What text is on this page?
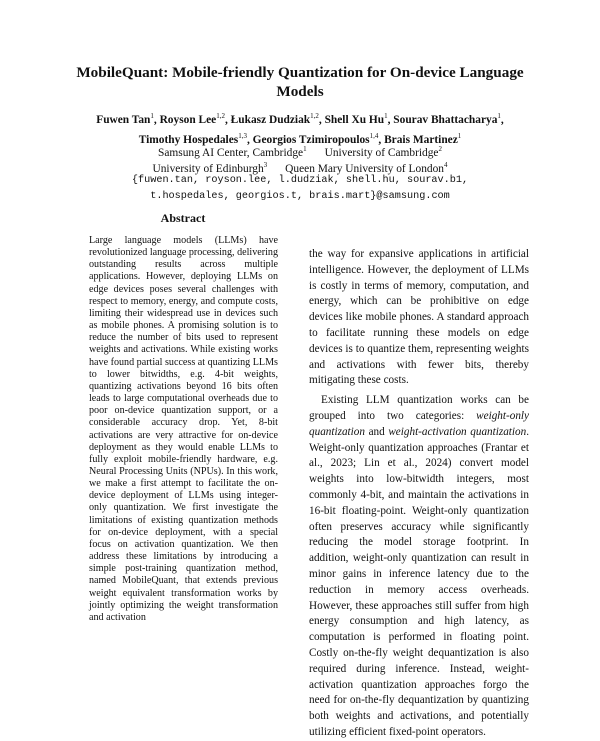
MobileQuant: Mobile-friendly Quantization for On-device Language Models
Fuwen Tan$^1$, Royson Lee$^{1,2}$, Łukasz Dudziak$^{1,2}$, Shell Xu Hu$^1$, Sourav Bhattacharya$^1$,
Timothy Hospedales$^{1,3}$, Georgios Tzimiropoulos$^{1,4}$, Brais Martinez$^1$
Samsung AI Center, Cambridge$^1$ University of Cambridge$^2$
University of Edinburgh$^3$ Queen Mary University of London$^4$
{fuwen.tan, royson.lee, l.dudziak, shell.hu, sourav.b1,
t.hospedales, georgios.t, brais.mart}@samsung.com
Abstract
Large language models (LLMs) have revolutionized language processing, delivering outstanding results across multiple applications. However, deploying LLMs on edge devices poses several challenges with respect to memory, energy, and compute costs, limiting their widespread use in devices such as mobile phones. A promising solution is to reduce the number of bits used to represent weights and activations. While existing works have found partial success at quantizing LLMs to lower bitwidths, e.g. 4-bit weights, quantizing activations beyond 16 bits often leads to large computational overheads due to poor on-device quantization support, or a considerable accuracy drop. Yet, 8-bit activations are very attractive for on-device deployment as they would enable LLMs to fully exploit mobile-friendly hardware, e.g. Neural Processing Units (NPUs). In this work, we make a first attempt to facilitate the on-device deployment of LLMs using integer-only quantization. We first investigate the limitations of existing quantization methods for on-device deployment, with a special focus on activation quantization. We then address these limitations by introducing a simple post-training quantization method, named MobileQuant, that extends previous weight equivalent transformation works by jointly optimizing the weight transformation and activation

the way for expansive applications in artificial intelligence. However, the deployment of LLMs is costly in terms of memory, computation, and energy, which can be prohibitive on edge devices like mobile phones. A standard approach to facilitate running these models on edge devices is to quantize them, representing weights and activations with fewer bits, thereby mitigating these costs.

Existing LLM quantization works can be grouped into two categories: weight-only quantization and weight-activation quantization. Weight-only quantization approaches (Frantar et al., 2023; Lin et al., 2024) convert model weights into low-bitwidth integers, most commonly 4-bit, and maintain the activations in 16-bit floating-point. Weight-only quantization often preserves accuracy while significantly reducing the model storage footprint. In addition, weight-only quantization can result in minor gains in inference latency due to the reduction in memory access overheads. However, these approaches still suffer from high energy consumption and high latency, as computation is performed in floating point. Costly on-the-fly weight dequantization is also required during inference. Instead, weight-activation quantization approaches forgo the need for on-the-fly dequantization by quantizing both weights and activations, and potentially utilizing efficient fixed-point operators.
